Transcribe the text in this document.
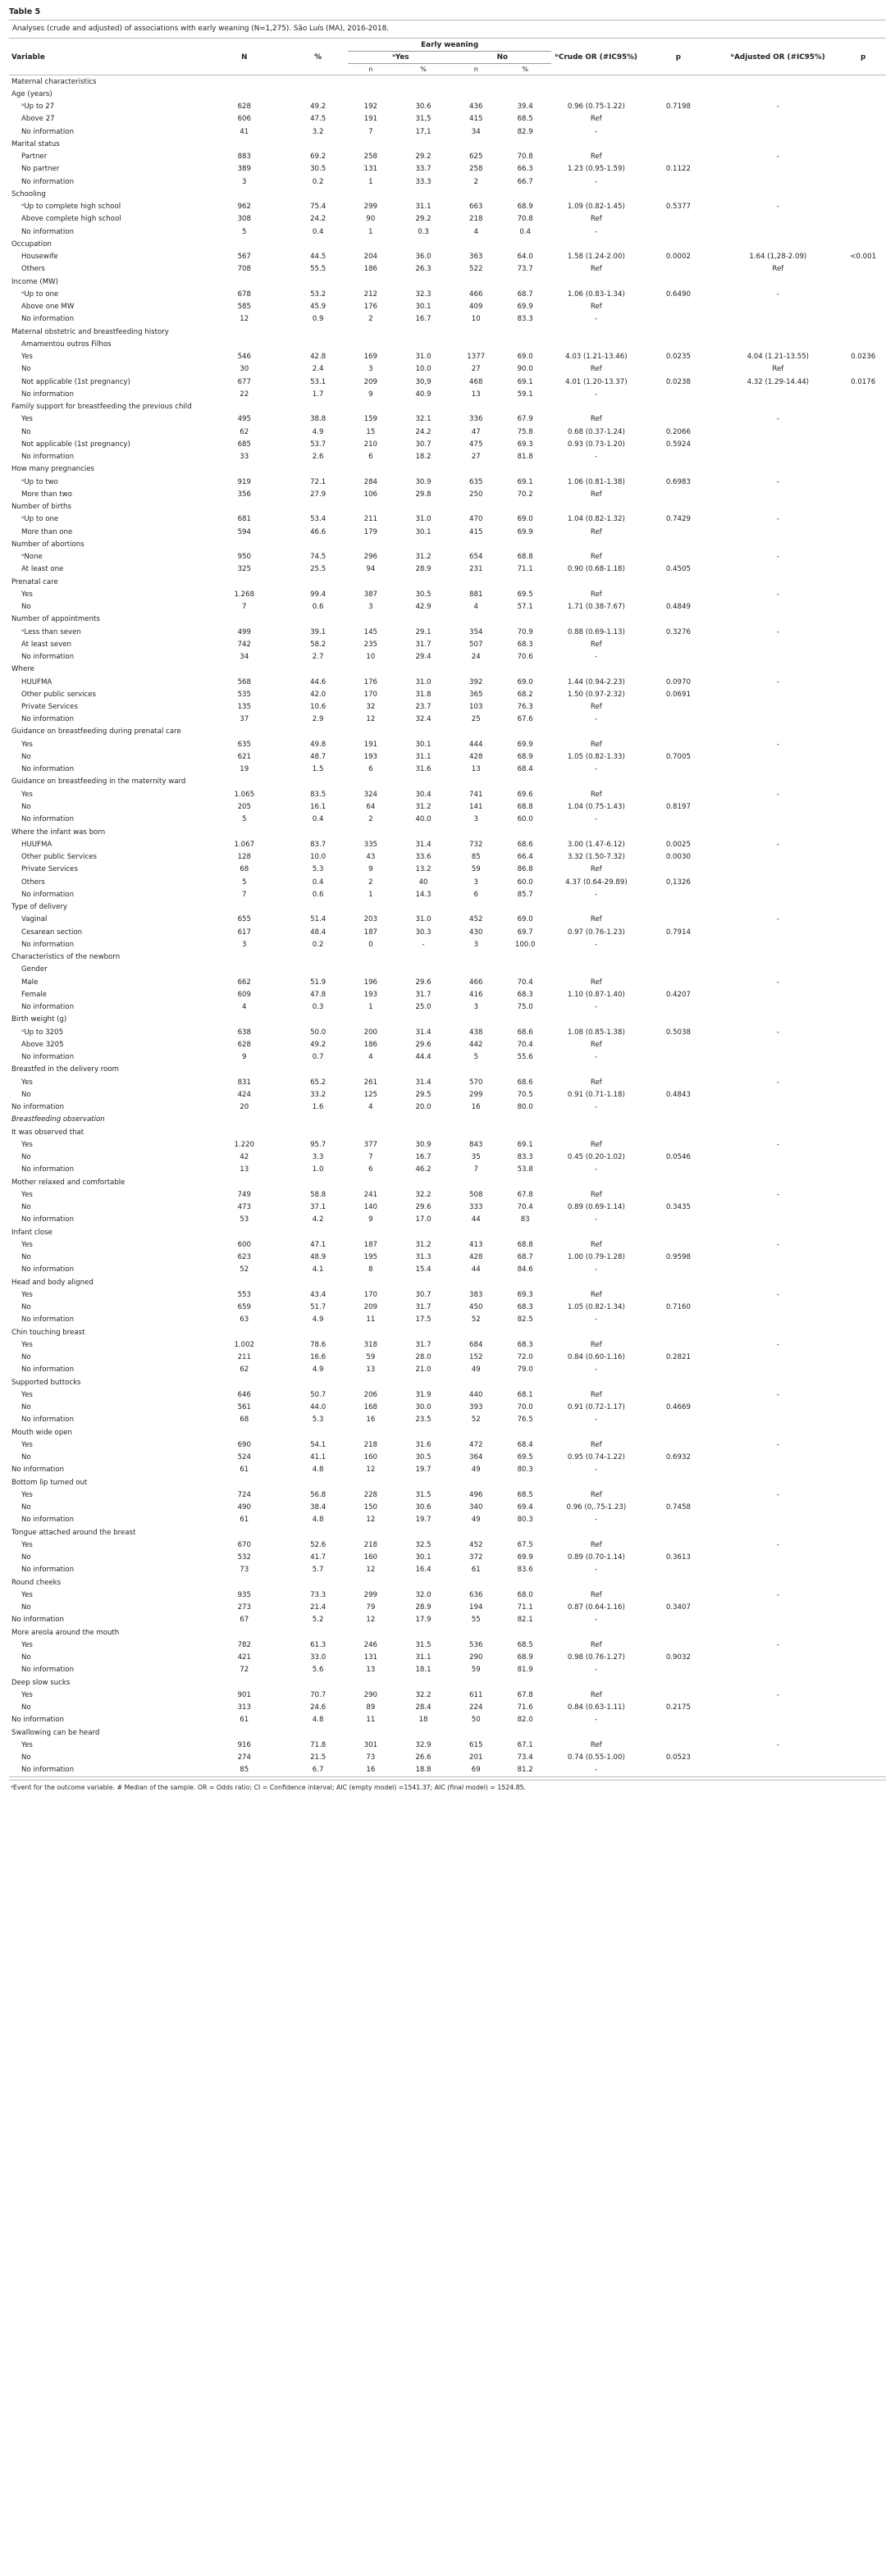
Table 5
Analyses (crude and adjusted) of associations with early weaning (N=1,275). São Luís (MA), 2016-2018.
			Early weaning								
Variable	N	%	ᵃYes		No		ᵇCrude OR (#IC95%)	p	ᵇAdjusted OR (#IC95%)		p
			n	%	n	%					
Maternal characteristics											
Age (years)											
ᵃUp to 27	628	49.2	192	30.6	436	39.4	0.96 (0.75-1.22)	0.7198	-		
Above 27	606	47.5	191	31,5	415	68.5	Ref				
No information	41	3.2	7	17,1	34	82.9	-				
Marital status											
Partner	883	69.2	258	29.2	625	70.8	Ref		-		
No partner	389	30.5	131	33.7	258	66.3	1.23 (0.95-1.59)	0.1122			
No information	3	0.2	1	33.3	2	66.7	-				
Schooling											
ᵃUp to complete high school	962	75.4	299	31.1	663	68.9	1.09 (0.82-1.45)	0.5377	-		
Above complete high school	308	24.2	90	29.2	218	70.8	Ref				
No information	5	0.4	1	0.3	4	0.4	-				
Occupation											
Housewife	567	44.5	204	36.0	363	64.0	1.58 (1.24-2.00)	0.0002	1.64 (1,28-2.09)		<0.001
Others	708	55.5	186	26.3	522	73.7	Ref		Ref		
Income (MW)											
ᵃUp to one	678	53.2	212	32.3	466	68.7	1.06 (0.83-1.34)	0.6490	-		
Above one MW	585	45.9	176	30.1	409	69.9	Ref				
No information	12	0.9	2	16.7	10	83.3	-				
Maternal obstetric and breastfeeding history											
Amamentou outros Filhos											
Yes	546	42.8	169	31.0	1377	69.0	4.03 (1.21-13.46)	0.0235	4.04 (1.21-13.55)		0.0236
No	30	2.4	3	10.0	27	90.0	Ref		Ref		
Not applicable (1st pregnancy)	677	53.1	209	30,9	468	69.1	4.01 (1.20-13.37)	0.0238	4.32 (1.29-14.44)		0.0176
No information	22	1.7	9	40.9	13	59.1	-				
Family support for breastfeeding the previous child											
Yes	495	38.8	159	32.1	336	67.9	Ref		-		
No	62	4.9	15	24.2	47	75.8	0.68 (0.37-1.24)	0.2066			
Not applicable (1st pregnancy)	685	53.7	210	30.7	475	69.3	0.93 (0.73-1.20)	0.5924			
No information	33	2.6	6	18.2	27	81.8	-				
How many pregnancies											
ᵃUp to two	919	72.1	284	30.9	635	69.1	1.06 (0.81-1.38)	0.6983	-		
More than two	356	27.9	106	29.8	250	70.2	Ref				
Number of births											
ᵃUp to one	681	53.4	211	31.0	470	69.0	1.04 (0.82-1.32)	0.7429	-		
More than one	594	46.6	179	30.1	415	69.9	Ref				
Number of abortions											
ᵃNone	950	74.5	296	31.2	654	68.8	Ref		-		
At least one	325	25.5	94	28.9	231	71.1	0.90 (0.68-1.18)	0.4505			
Prenatal care											
Yes	1.268	99.4	387	30.5	881	69.5	Ref		-		
No	7	0.6	3	42.9	4	57.1	1.71 (0.38-7.67)	0.4849			
Number of appointments											
ᵃLess than seven	499	39.1	145	29.1	354	70.9	0.88 (0.69-1.13)	0.3276	-		
At least seven	742	58.2	235	31.7	507	68.3	Ref				
No information	34	2.7	10	29.4	24	70.6	-				
Where											
HUUFMA	568	44.6	176	31.0	392	69.0	1.44 (0.94-2.23)	0.0970	-		
Other public services	535	42.0	170	31.8	365	68.2	1.50 (0.97-2.32)	0.0691			
Private Services	135	10.6	32	23.7	103	76.3	Ref				
No information	37	2.9	12	32.4	25	67.6	-				
Guidance on breastfeeding during prenatal care											
Yes	635	49.8	191	30.1	444	69.9	Ref		-		
No	621	48.7	193	31.1	428	68.9	1.05 (0.82-1.33)	0.7005			
No information	19	1.5	6	31.6	13	68.4	-				
Guidance on breastfeeding in the maternity ward											
Yes	1.065	83.5	324	30.4	741	69.6	Ref		-		
No	205	16.1	64	31.2	141	68.8	1.04 (0.75-1.43)	0.8197			
No information	5	0.4	2	40.0	3	60.0	-				
Where the infant was born											
HUUFMA	1.067	83.7	335	31.4	732	68.6	3.00 (1.47-6.12)	0.0025	-		
Other public Services	128	10.0	43	33.6	85	66.4	3.32 (1.50-7.32)	0.0030			
Private Services	68	5.3	9	13.2	59	86.8	Ref				
Others	5	0.4	2	40	3	60.0	4.37 (0.64-29.89)	0,1326			
No information	7	0.6	1	14.3	6	85.7	-				
Type of delivery											
Vaginal	655	51.4	203	31.0	452	69.0	Ref		-		
Cesarean section	617	48.4	187	30.3	430	69.7	0.97 (0.76-1.23)	0.7914			
No information	3	0.2	0	-	3	100.0	-				
Characteristics of the newborn											
Gender											
Male	662	51.9	196	29.6	466	70.4	Ref		-		
Female	609	47.8	193	31.7	416	68.3	1.10 (0.87-1.40)	0.4207			
No information	4	0.3	1	25.0	3	75.0	-				
Birth weight (g)											
ᵃUp to 3205	638	50.0	200	31.4	438	68.6	1.08 (0.85-1.38)	0.5038	-		
Above 3205	628	49.2	186	29.6	442	70.4	Ref				
No information	9	0.7	4	44.4	5	55.6	-				
Breastfed in the delivery room											
Yes	831	65.2	261	31.4	570	68.6	Ref		-		
No	424	33.2	125	29.5	299	70.5	0.91 (0.71-1.18)	0.4843			
No information	20	1.6	4	20.0	16	80.0	-				
Breastfeeding observation											
It was observed that											
Yes	1.220	95.7	377	30.9	843	69.1	Ref		-		
No	42	3.3	7	16.7	35	83.3	0.45 (0.20-1.02)	0.0546			
No information	13	1.0	6	46.2	7	53.8	-				
Mother relaxed and comfortable											
Yes	749	58.8	241	32.2	508	67.8	Ref		-		
No	473	37.1	140	29.6	333	70.4	0.89 (0.69-1.14)	0.3435			
No information	53	4.2	9	17.0	44	83	-				
Infant close											
Yes	600	47.1	187	31.2	413	68.8	Ref		-		
No	623	48.9	195	31.3	428	68.7	1.00 (0.79-1.28)	0.9598			
No information	52	4.1	8	15.4	44	84.6	-				
Head and body aligned											
Yes	553	43.4	170	30.7	383	69.3	Ref		-		
No	659	51.7	209	31.7	450	68.3	1.05 (0.82-1.34)	0.7160			
No information	63	4.9	11	17.5	52	82.5	-				
Chin touching breast											
Yes	1.002	78.6	318	31.7	684	68.3	Ref		-		
No	211	16.6	59	28.0	152	72.0	0.84 (0.60-1.16)	0.2821			
No information	62	4.9	13	21.0	49	79.0	-				
Supported buttocks											
Yes	646	50.7	206	31.9	440	68.1	Ref		-		
No	561	44.0	168	30.0	393	70.0	0.91 (0.72-1.17)	0.4669			
No information	68	5.3	16	23.5	52	76.5	-				
Mouth wide open											
Yes	690	54.1	218	31.6	472	68.4	Ref		-		
No	524	41.1	160	30.5	364	69.5	0.95 (0.74-1.22)	0.6932			
No information	61	4.8	12	19.7	49	80.3	-				
Bottom lip turned out											
Yes	724	56.8	228	31.5	496	68.5	Ref		-		
No	490	38.4	150	30.6	340	69.4	0.96 (0,.75-1.23)	0.7458			
No information	61	4.8	12	19.7	49	80.3	-				
Tongue attached around the breast											
Yes	670	52.6	218	32.5	452	67.5	Ref		-		
No	532	41.7	160	30.1	372	69.9	0.89 (0.70-1.14)	0.3613			
No information	73	5.7	12	16.4	61	83.6	-				
Round cheeks											
Yes	935	73.3	299	32.0	636	68.0	Ref		-		
No	273	21.4	79	28.9	194	71.1	0.87 (0.64-1.16)	0.3407			
No information	67	5.2	12	17.9	55	82.1	-				
More areola around the mouth											
Yes	782	61.3	246	31.5	536	68.5	Ref		-		
No	421	33.0	131	31.1	290	68.9	0.98 (0.76-1.27)	0.9032			
No information	72	5.6	13	18.1	59	81.9	-				
Deep slow sucks											
Yes	901	70.7	290	32.2	611	67.8	Ref		-		
No	313	24.6	89	28.4	224	71.6	0.84 (0.63-1.11)	0.2175			
No information	61	4.8	11	18	50	82.0	-				
Swallowing can be heard											
Yes	916	71.8	301	32.9	615	67.1	Ref		-		
No	274	21.5	73	26.6	201	73.4	0.74 (0.55-1.00)	0.0523			
No information	85	6.7	16	18.8	69	81.2	-				
ᵃEvent for the outcome variable. # Median of the sample. OR = Odds ratio; CI = Confidence interval; AIC (empty model) =1541.37; AIC (final model) = 1524.85.
